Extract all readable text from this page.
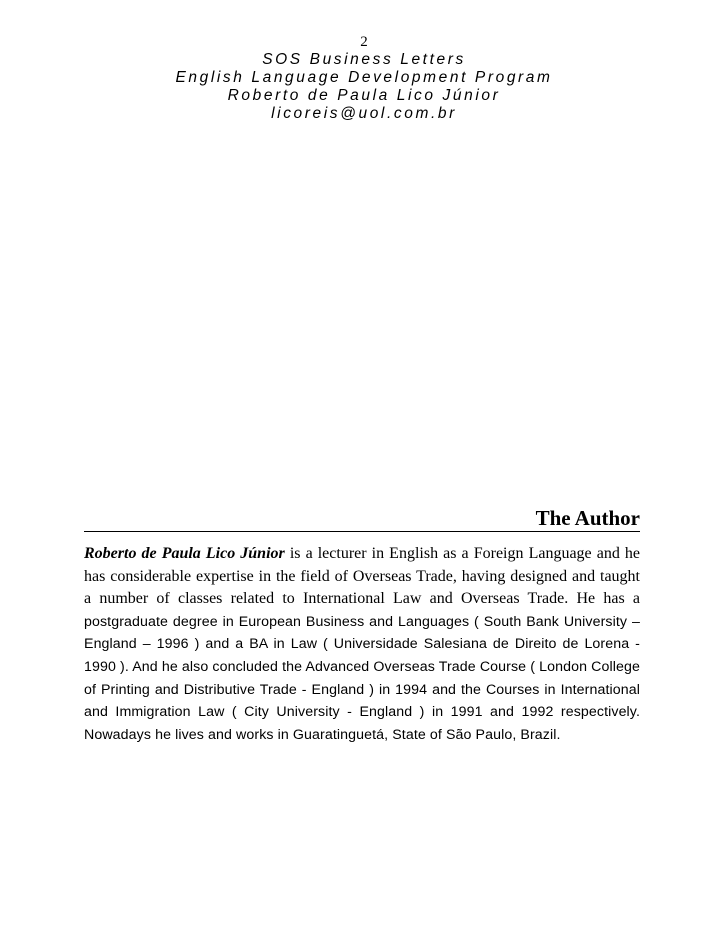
2
SOS Business Letters
English Language Development Program
Roberto de Paula Lico Júnior
licoreis@uol.com.br
The Author

Roberto de Paula Lico Júnior is a lecturer in English as a Foreign Language and he has considerable expertise in the field of Overseas Trade, having designed and taught a number of classes related to International Law and Overseas Trade. He has a postgraduate degree in European Business and Languages ( South Bank University – England – 1996 ) and a BA in Law ( Universidade Salesiana de Direito de Lorena - 1990 ). And he also concluded the Advanced Overseas Trade Course ( London College of Printing and Distributive Trade - England ) in 1994 and the Courses in International and Immigration Law ( City University - England ) in 1991 and 1992 respectively. Nowadays he lives and works in Guaratinguetá, State of São Paulo, Brazil.
